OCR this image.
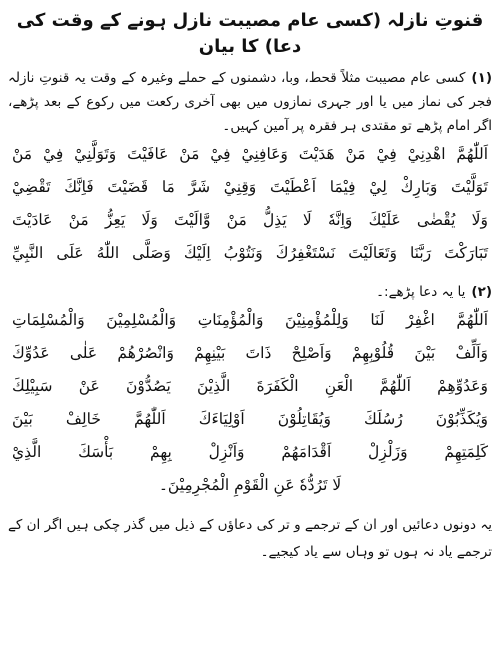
قنوتِ نازلہ (کسی عام مصیبت نازل ہونے کے وقت کی دعا) کا بیان

(۱)کسی عام مصیبت مثلاً قحط، وبا، دشمنوں کے حملے وغیرہ کے وقت یہ قنوتِ نازلہ فجر کی نماز میں یا اور جہری نمازوں میں بھی آخری رکعت میں رکوع کے بعد پڑھے، اگر امام پڑھے تو مقتدی ہر فقرہ پر آمین کہیں۔

اَللّٰهُمَّ اهْدِنِيْ فِيْ مَنْ هَدَيْتَ وَعَافِنِيْ فِيْ مَنْ عَافَيْتَ وَتَوَلَّنِيْ فِيْ مَنْ

تَوَلَّيْتَ وَبَارِكْ لِيْ فِيْمَا اَعْطَيْتَ وَقِنِيْ شَرَّ مَا قَضَيْتَ فَاِنَّكَ تَقْضِيْ

وَلَا يُقْضٰى عَلَيْكَ وَاِنَّهٗ لَا يَذِلُّ مَنْ وَّالَيْتَ وَلَا يَعِزُّ مَنْ عَادَيْتَ

تَبَارَكْتَ رَبَّنَا وَتَعَالَيْتَ نَسْتَغْفِرُكَ وَنَتُوْبُ اِلَيْكَ وَصَلَّى اللّٰهُ عَلَى النَّبِيِّ

(۲)یا یہ دعا پڑھے:۔

اَللّٰهُمَّ اغْفِرْ لَنَا وَلِلْمُؤْمِنِيْنَ وَالْمُؤْمِنَاتِ وَالْمُسْلِمِيْنَ وَالْمُسْلِمَاتِ

وَاَلِّفْ بَيْنَ قُلُوْبِهِمْ وَاَصْلِحْ ذَاتَ بَيْنِهِمْ وَانْصُرْهُمْ عَلٰى عَدُوِّكَ

وَعَدُوِّهِمْ اَللّٰهُمَّ الْعَنِ الْكَفَرَةَ الَّذِيْنَ يَصُدُّوْنَ عَنْ سَبِيْلِكَ

وَيُكَذِّبُوْنَ رُسُلَكَ وَيُقَاتِلُوْنَ اَوْلِيَاءَكَ اَللّٰهُمَّ خَالِفْ بَيْنَ

كَلِمَتِهِمْ وَزَلْزِلْ اَقْدَامَهُمْ وَاَنْزِلْ بِهِمْ بَأْسَكَ الَّذِيْ

لَا تَرُدُّهٗ عَنِ الْقَوْمِ الْمُجْرِمِيْنَ۔

یہ دونوں دعائیں اور ان کے ترجمے و تر کی دعاؤں کے ذیل میں گذر چکی ہیں اگر ان کے ترجمے یاد نہ ہوں تو وہاں سے یاد کیجیے۔
